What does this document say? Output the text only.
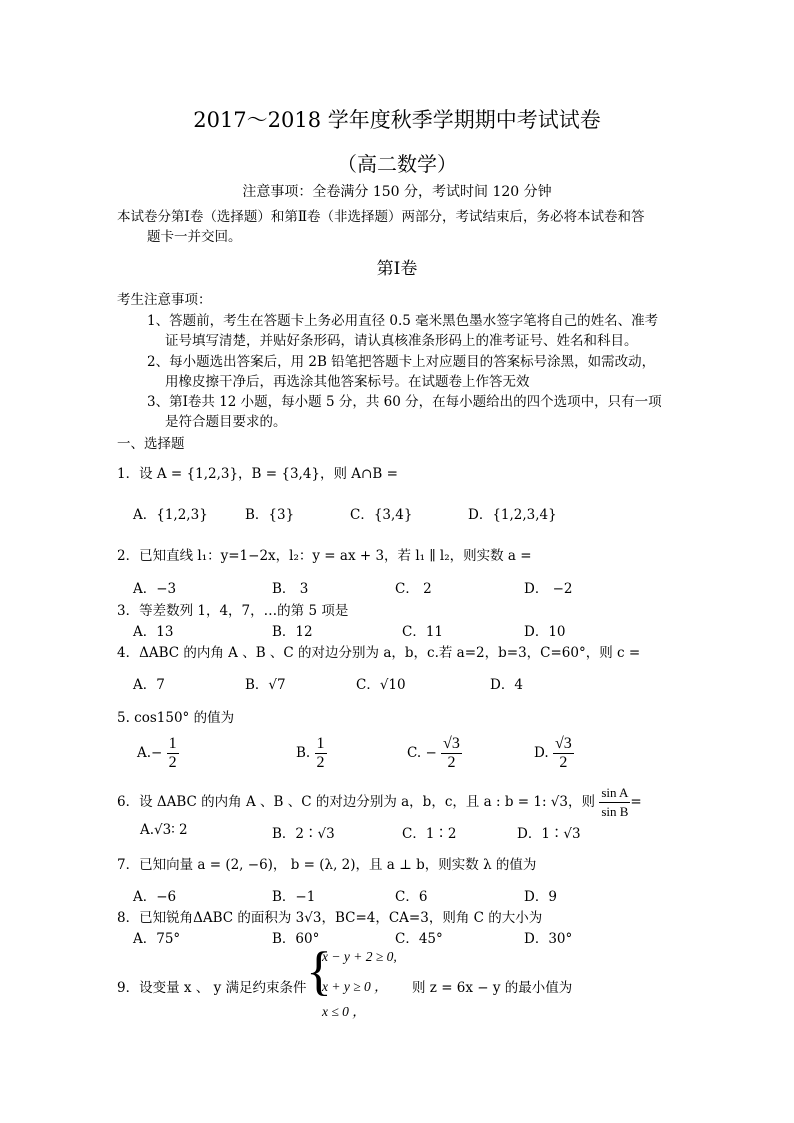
2017～2018 学年度秋季学期期中考试试卷
（高二数学）
注意事项：全卷满分 150 分，考试时间 120 分钟
本试卷分第Ⅰ卷（选择题）和第Ⅱ卷（非选择题）两部分，考试结束后，务必将本试卷和答
题卡一并交回。
第Ⅰ卷
考生注意事项：
1、答题前，考生在答题卡上务必用直径 0.5 毫米黑色墨水签字笔将自己的姓名、准考
证号填写清楚，并贴好条形码，请认真核准条形码上的准考证号、姓名和科目。
2、每小题选出答案后，用 2B 铅笔把答题卡上对应题目的答案标号涂黑，如需改动，
用橡皮擦干净后，再选涂其他答案标号。在试题卷上作答无效
3、第Ⅰ卷共 12 小题，每小题 5 分，共 60 分，在每小题给出的四个选项中，只有一项
是符合题目要求的。
一、选择题
1．设 A = {1,2,3}，B = {3,4}，则 A∩B =
A．{1,2,3}	B．{3}	C．{3,4}	D．{1,2,3,4}
2．已知直线 l₁：y=1−2x，l₂：y = ax + 3，若 l₁ ∥ l₂，则实数 a =
A．−3	B． 3	C． 2	D． −2
3．等差数列 1，4，7，…的第 5 项是
A．13	B．12	C．11	D．10
4．ΔABC 的内角 A 、B 、C 的对边分别为 a，b，c.若 a=2，b=3，C=60°，则 c =
A．7	B．√7	C．√10	D．4
5. cos150° 的值为
$A.- \frac{1}{2}$	B. $\frac{1}{2}$	C. − $\frac{√3}{2}$	D. $\frac{√3}{2}$
6．设 ΔABC 的内角 A 、B 、C 的对边分别为 a，b，c，且 a : b = 1: √3，则 $\frac{\text{sin A}}{\text{sin B}}$ =
A.√3∶ 2	B．2∶√3	C．1∶2	D．1∶√3
7．已知向量 a = (2, −6)， b = (λ, 2)，且 a ⊥ b，则实数 λ 的值为
A．−6	B．−1	C．6	D．9
8．已知锐角ΔABC 的面积为 3√3，BC=4，CA=3，则角 C 的大小为
A．75°	B．60°	C．45°	D．30°
9．设变量 x 、 y 满足约束条件 {
x − y + 2 ≥ 0,
x + y ≥ 0 ，
x ≤ 0 ，
则 z = 6x − y 的最小值为
